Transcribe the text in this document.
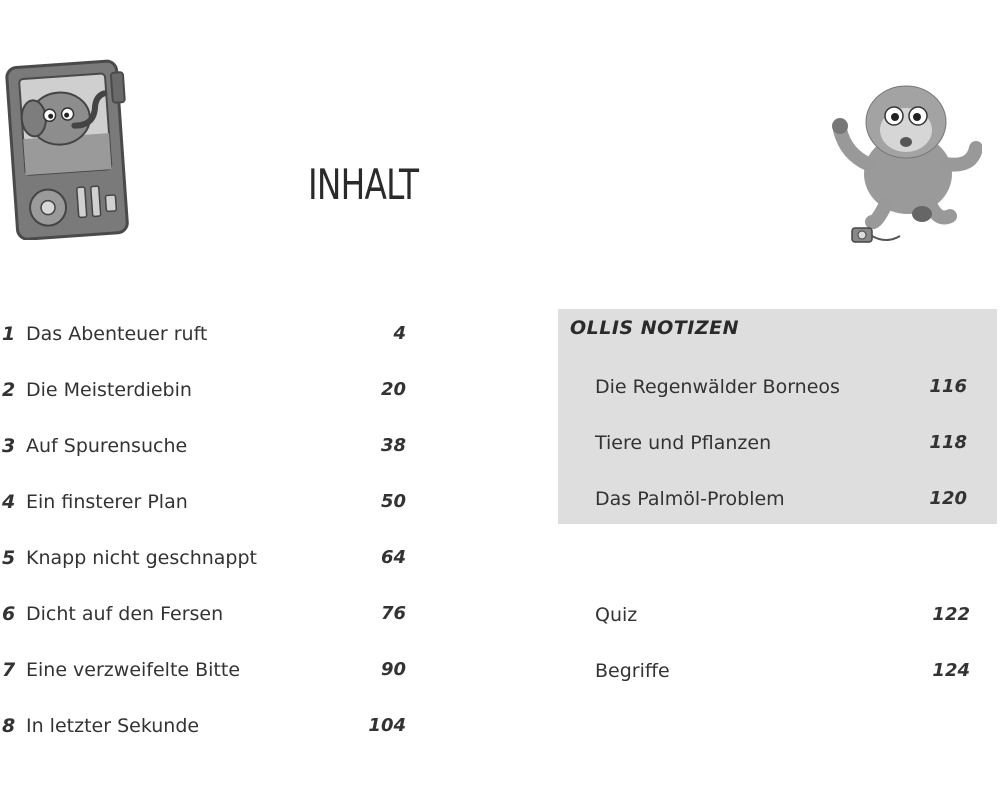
INHALT
1 Das Abenteuer ruft	4
2 Die Meisterdiebin	20
3 Auf Spurensuche	38
4 Ein finsterer Plan	50
5 Knapp nicht geschnappt	64
6 Dicht auf den Fersen	76
7 Eine verzweifelte Bitte	90
8 In letzter Sekunde	104
OLLIS NOTIZEN
Die Regenwälder Borneos	116
Tiere und Pflanzen	118
Das Palmöl-Problem	120
Quiz	122
Begriffe	124
